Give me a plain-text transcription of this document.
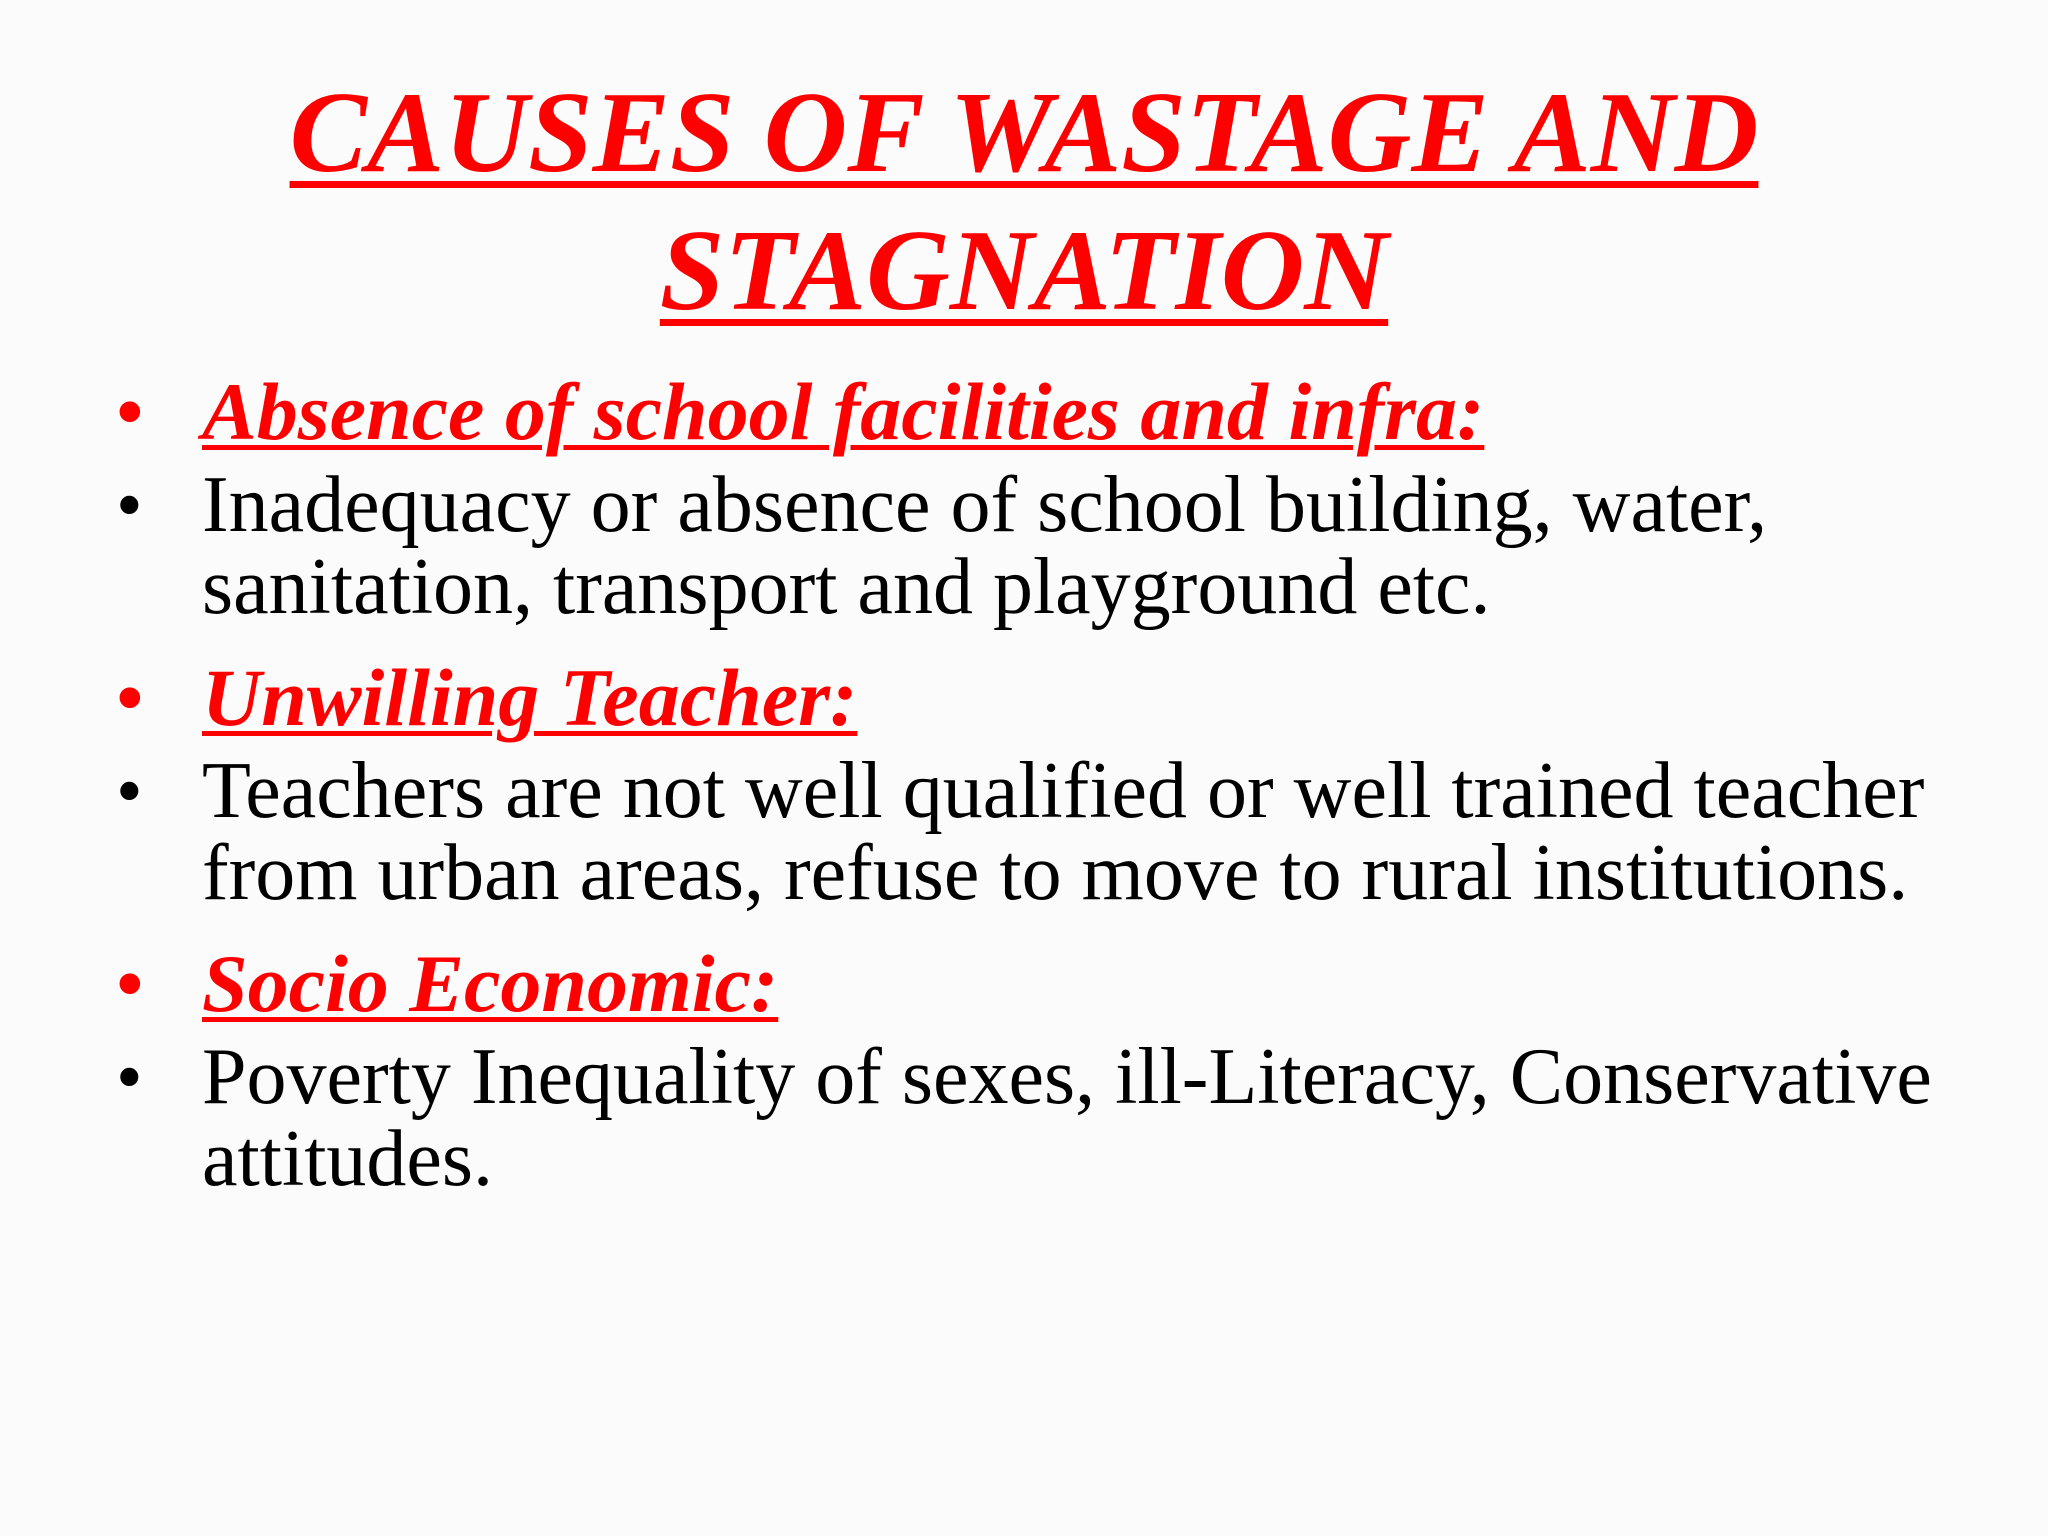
CAUSES OF WASTAGE AND
STAGNATION
• Absence of school facilities and infra:
• Inadequacy or absence of school building, water, sanitation, transport and playground etc.
• Unwilling Teacher:
• Teachers are not well qualified or well trained teacher from urban areas, refuse to move to rural institutions.
• Socio Economic:
• Poverty Inequality of sexes, ill-Literacy, Conservative attitudes.
